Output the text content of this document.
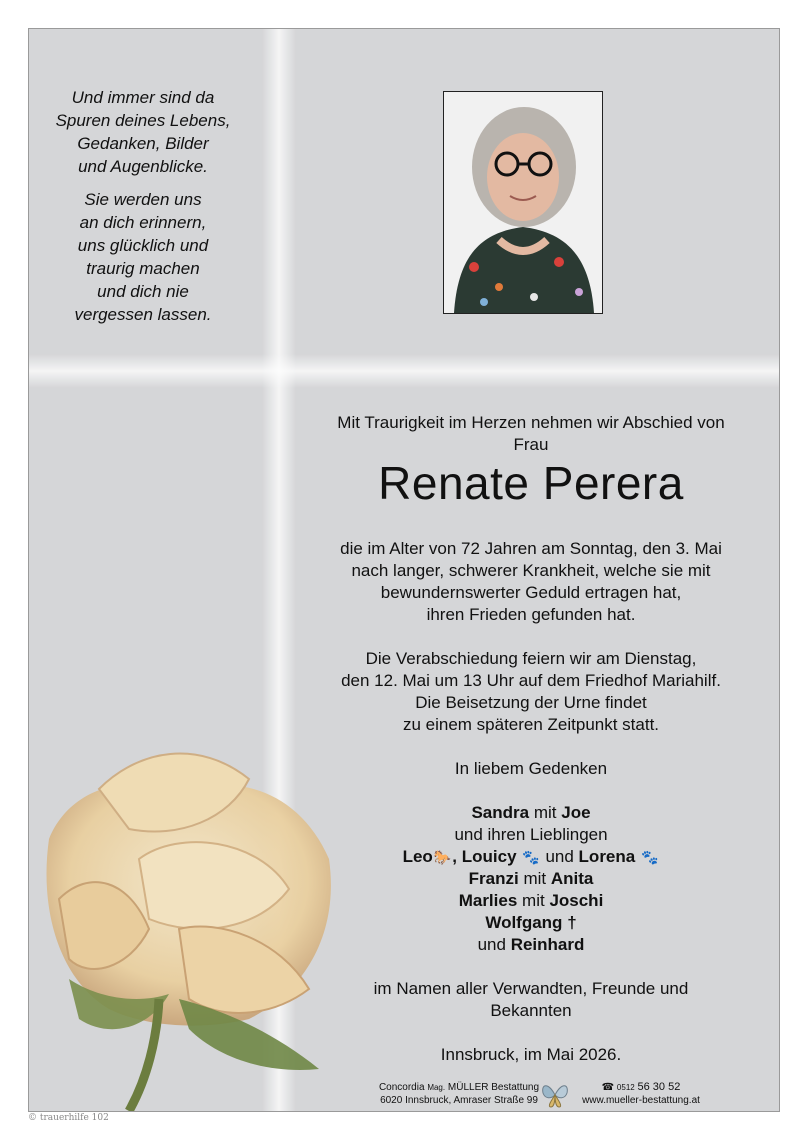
Und immer sind da
Spuren deines Lebens,
Gedanken, Bilder
und Augenblicke.

Sie werden uns
an dich erinnern,
uns glücklich und
traurig machen
und dich nie
vergessen lassen.

Mit Traurigkeit im Herzen nehmen wir Abschied von
Frau
Renate Perera
die im Alter von 72 Jahren am Sonntag, den 3. Mai
nach langer, schwerer Krankheit, welche sie mit
bewundernswerter Geduld ertragen hat,
ihren Frieden gefunden hat.
Die Verabschiedung feiern wir am Dienstag,
den 12. Mai um 13 Uhr auf dem Friedhof Mariahilf.
Die Beisetzung der Urne findet
zu einem späteren Zeitpunkt statt.
In liebem Gedenken
Sandra mit Joe
und ihren Lieblingen
Leo🐎, Louicy 🐾 und Lorena 🐾
Franzi mit Anita
Marlies mit Joschi
Wolfgang †
und Reinhard
im Namen aller Verwandten, Freunde und
Bekannten
Innsbruck, im Mai 2026.
Concordia Mag. MÜLLER Bestattung
6020 Innsbruck, Amraser Straße 99
☎ 0512 56 30 52
www.mueller-bestattung.at
© trauerhilfe 102
